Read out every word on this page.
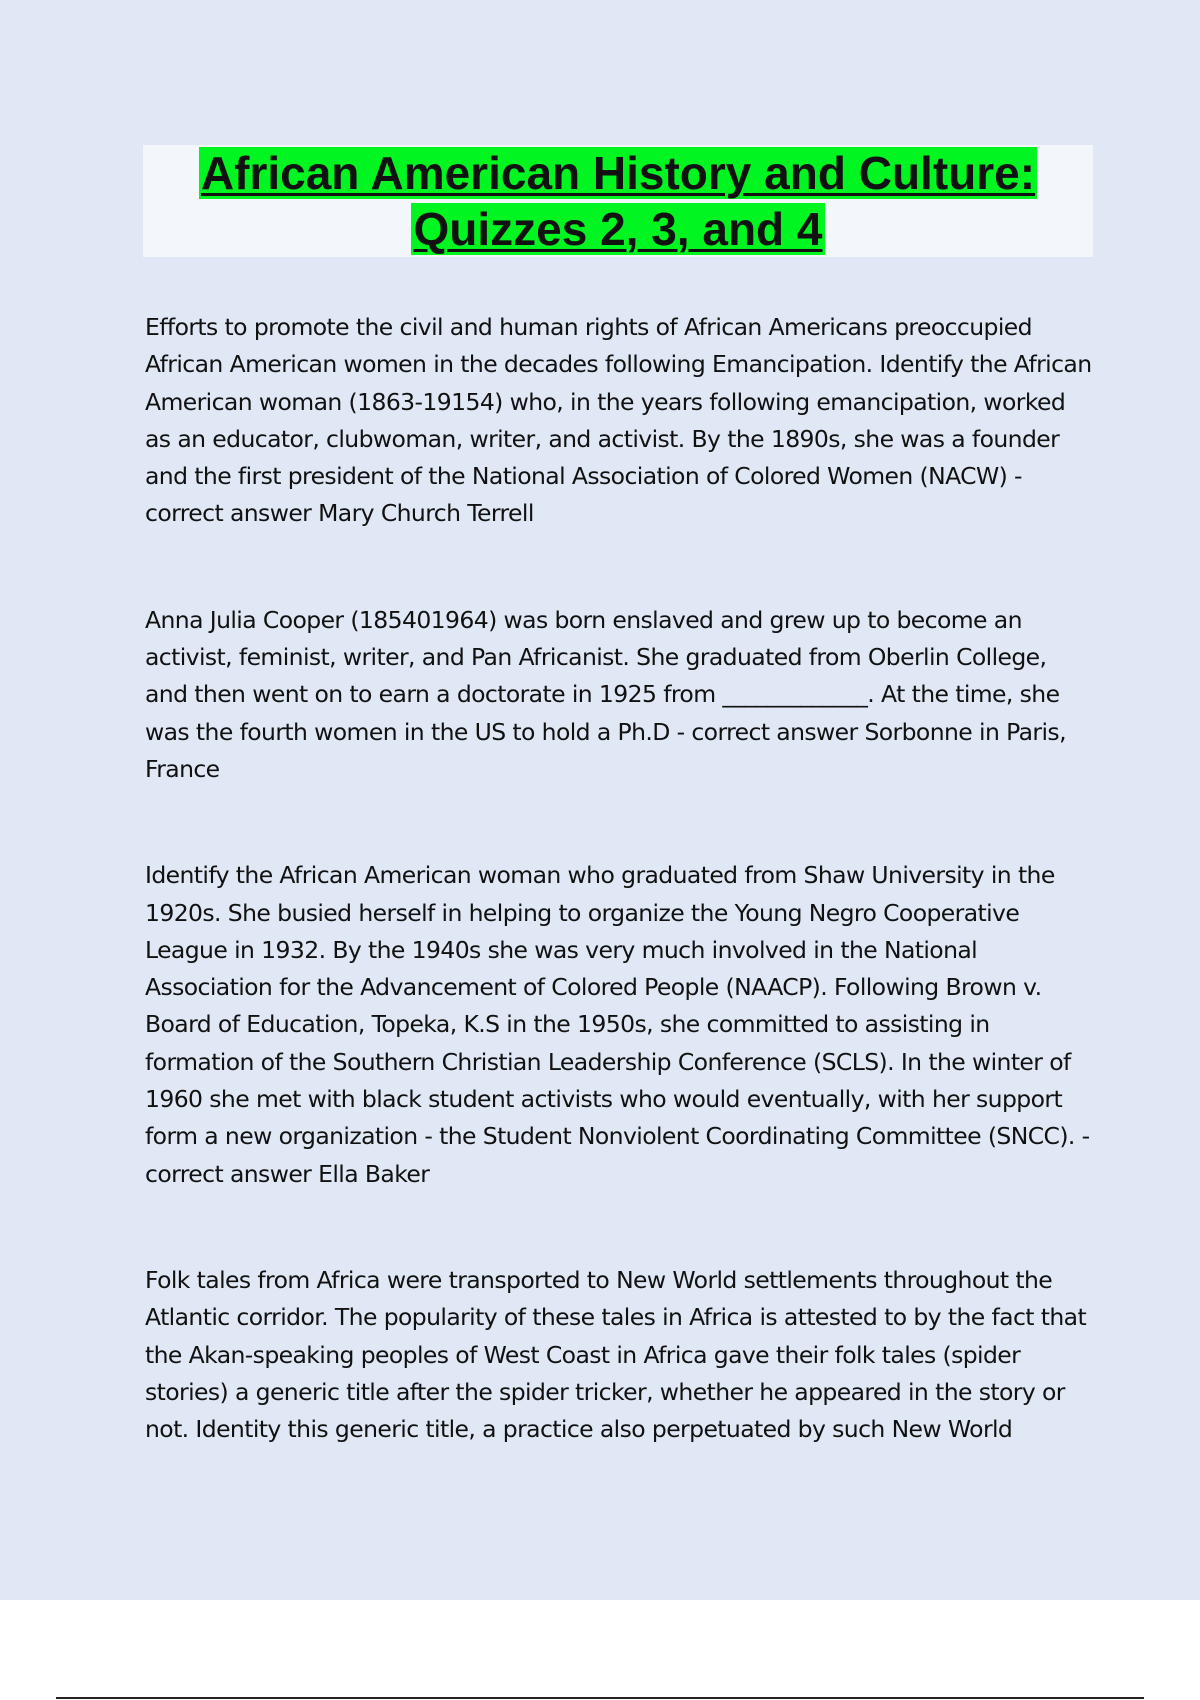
African American History and Culture:
Quizzes 2, 3, and 4

Efforts to promote the civil and human rights of African Americans preoccupied African American women in the decades following Emancipation. Identify the African American woman (1863-19154) who, in the years following emancipation, worked as an educator, clubwoman, writer, and activist. By the 1890s, she was a founder and the first president of the National Association of Colored Women (NACW) - correct answer Mary Church Terrell

Anna Julia Cooper (185401964) was born enslaved and grew up to become an activist, feminist, writer, and Pan Africanist. She graduated from Oberlin College, and then went on to earn a doctorate in 1925 from _____________. At the time, she was the fourth women in the US to hold a Ph.D - correct answer Sorbonne in Paris, France

Identify the African American woman who graduated from Shaw University in the 1920s. She busied herself in helping to organize the Young Negro Cooperative League in 1932. By the 1940s she was very much involved in the National Association for the Advancement of Colored People (NAACP). Following Brown v. Board of Education, Topeka, K.S in the 1950s, she committed to assisting in formation of the Southern Christian Leadership Conference (SCLS). In the winter of 1960 she met with black student activists who would eventually, with her support form a new organization - the Student Nonviolent Coordinating Committee (SNCC). - correct answer Ella Baker

Folk tales from Africa were transported to New World settlements throughout the Atlantic corridor. The popularity of these tales in Africa is attested to by the fact that the Akan-speaking peoples of West Coast in Africa gave their folk tales (spider stories) a generic title after the spider tricker, whether he appeared in the story or not. Identity this generic title, a practice also perpetuated by such New World
